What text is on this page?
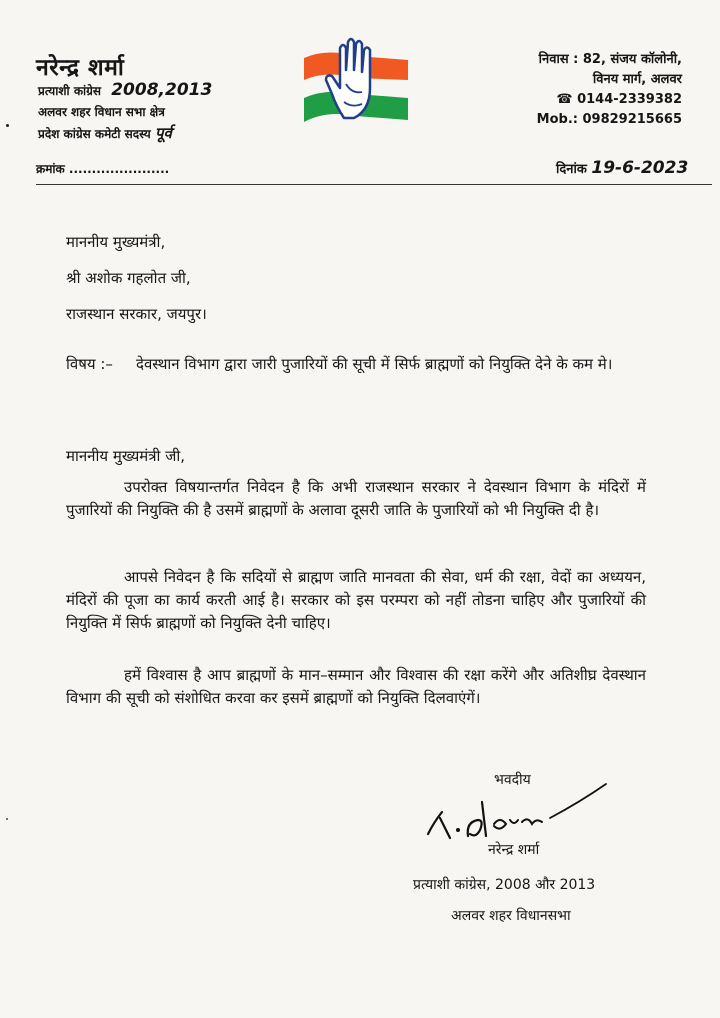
नरेन्द्र शर्मा
प्रत्याशी कांग्रेस 2008,2013
अलवर शहर विधान सभा क्षेत्र
प्रदेश कांग्रेस कमेटी सदस्य पूर्व
निवास : 82, संजय कॉलोनी,
विनय मार्ग, अलवर
☎ 0144-2339382
Mob.: 09829215665
क्रमांक ......................	दिनांक 19-6-2023
माननीय मुख्यमंत्री,
श्री अशोक गहलोत जी,
राजस्थान सरकार, जयपुर।
विषय :– देवस्थान विभाग द्वारा जारी पुजारियों की सूची में सिर्फ ब्राह्मणों को नियुक्ति देने के कम मे।
माननीय मुख्यमंत्री जी,
उपरोक्त विषयान्तर्गत निवेदन है कि अभी राजस्थान सरकार ने देवस्थान विभाग के मंदिरों में पुजारियों की नियुक्ति की है उसमें ब्राह्मणों के अलावा दूसरी जाति के पुजारियों को भी नियुक्ति दी है।
आपसे निवेदन है कि सदियों से ब्राह्मण जाति मानवता की सेवा, धर्म की रक्षा, वेदों का अध्ययन, मंदिरों की पूजा का कार्य करती आई है। सरकार को इस परम्परा को नहीं तोडना चाहिए और पुजारियों की नियुक्ति में सिर्फ ब्राह्मणों को नियुक्ति देनी चाहिए।
हमें विश्वास है आप ब्राह्मणों के मान–सम्मान और विश्वास की रक्षा करेंगे और अतिशीघ्र देवस्थान विभाग की सूची को संशोधित करवा कर इसमें ब्राह्मणों को नियुक्ति दिलवाएंगें।
भवदीय
नरेन्द्र शर्मा
प्रत्याशी कांग्रेस, 2008 और 2013
अलवर शहर विधानसभा
